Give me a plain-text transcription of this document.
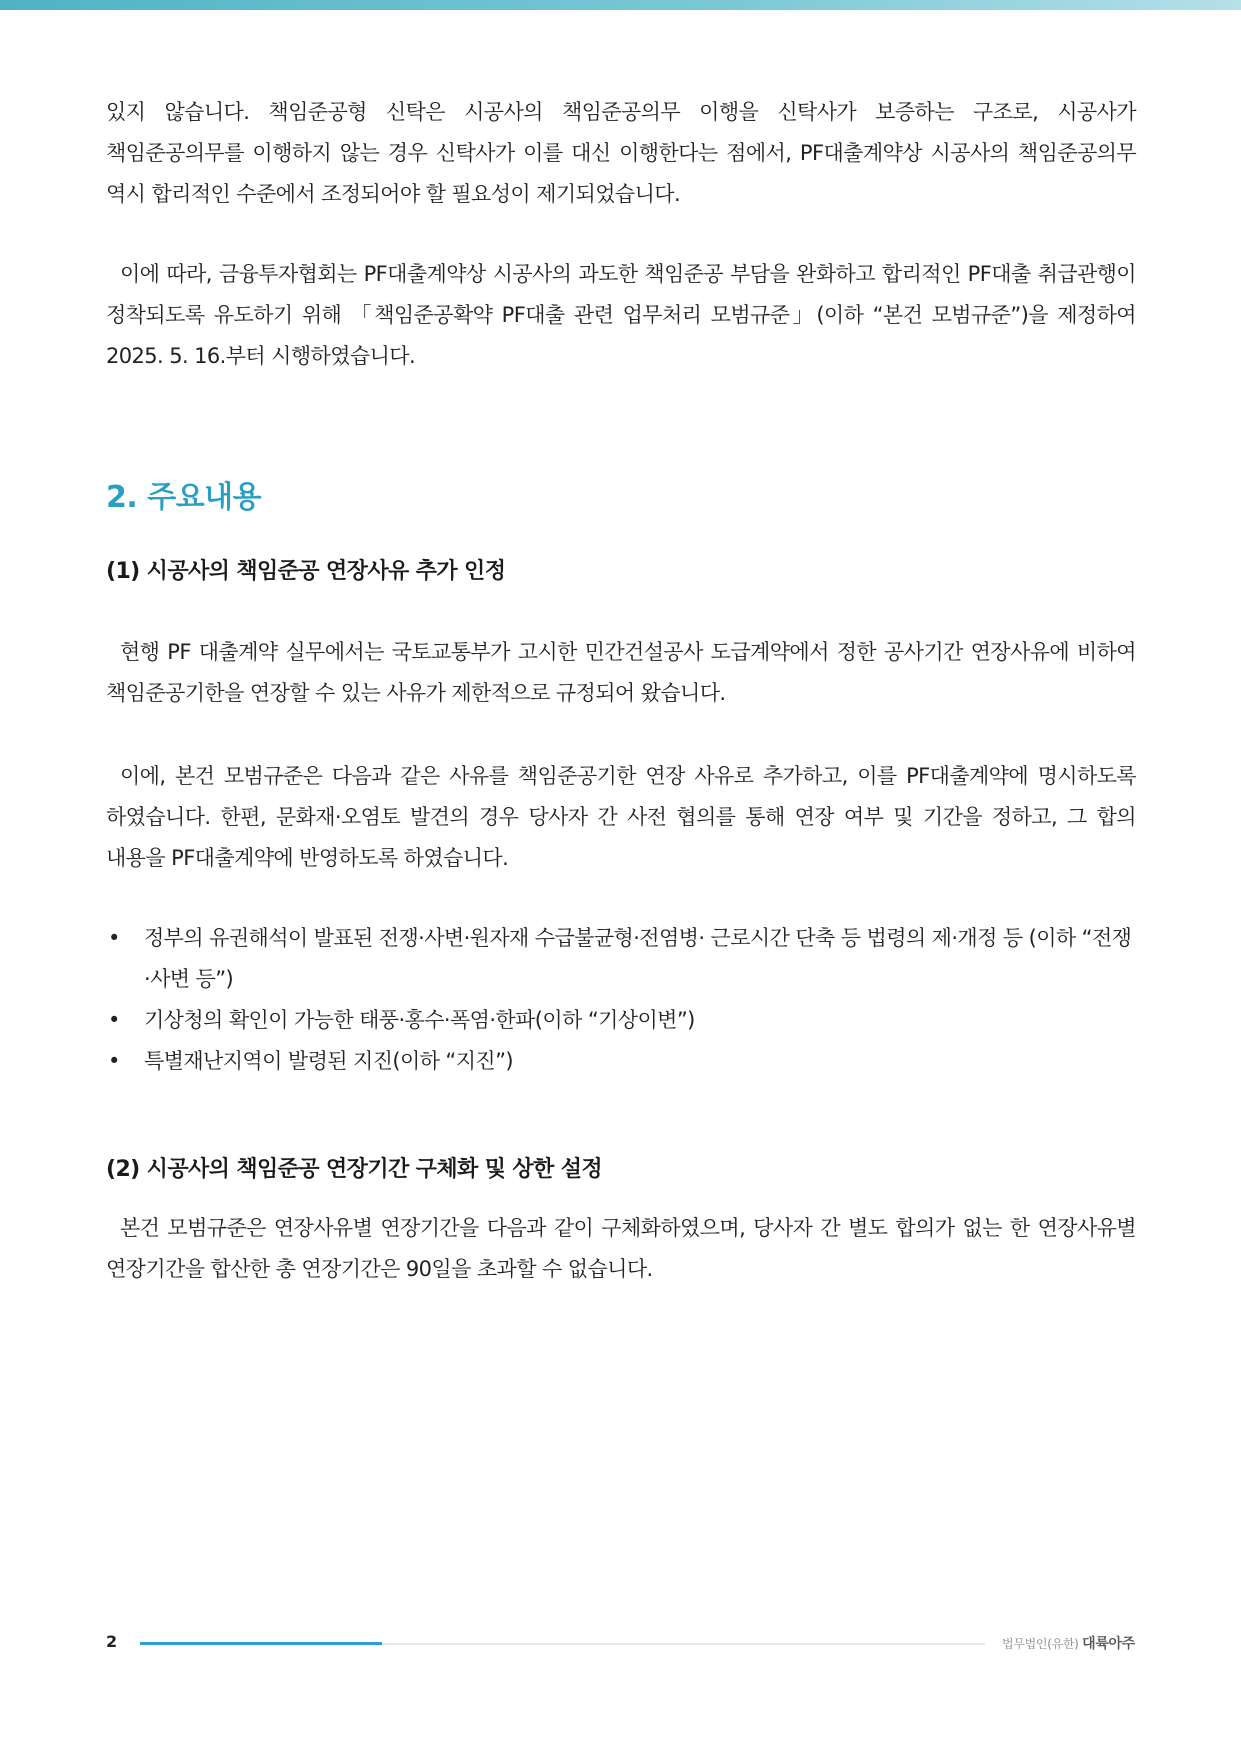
있지 않습니다. 책임준공형 신탁은 시공사의 책임준공의무 이행을 신탁사가 보증하는 구조로, 시공사가 책임준공의무를 이행하지 않는 경우 신탁사가 이를 대신 이행한다는 점에서, PF대출계약상 시공사의 책임준공의무 역시 합리적인 수준에서 조정되어야 할 필요성이 제기되었습니다.

이에 따라, 금융투자협회는 PF대출계약상 시공사의 과도한 책임준공 부담을 완화하고 합리적인 PF대출 취급관행이 정착되도록 유도하기 위해 「책임준공확약 PF대출 관련 업무처리 모범규준」(이하 “본건 모범규준”)을 제정하여 2025. 5. 16.부터 시행하였습니다.

2. 주요내용
(1) 시공사의 책임준공 연장사유 추가 인정

현행 PF 대출계약 실무에서는 국토교통부가 고시한 민간건설공사 도급계약에서 정한 공사기간 연장사유에 비하여 책임준공기한을 연장할 수 있는 사유가 제한적으로 규정되어 왔습니다.

이에, 본건 모범규준은 다음과 같은 사유를 책임준공기한 연장 사유로 추가하고, 이를 PF대출계약에 명시하도록 하였습니다. 한편, 문화재·오염토 발견의 경우 당사자 간 사전 협의를 통해 연장 여부 및 기간을 정하고, 그 합의 내용을 PF대출계약에 반영하도록 하였습니다.

• 정부의 유권해석이 발표된 전쟁·사변·원자재 수급불균형·전염병· 근로시간 단축 등 법령의 제·개정 등 (이하 “전쟁·사변 등”)
• 기상청의 확인이 가능한 태풍·홍수·폭염·한파(이하 “기상이변”)
• 특별재난지역이 발령된 지진(이하 “지진”)
(2) 시공사의 책임준공 연장기간 구체화 및 상한 설정

본건 모범규준은 연장사유별 연장기간을 다음과 같이 구체화하였으며, 당사자 간 별도 합의가 없는 한 연장사유별 연장기간을 합산한 총 연장기간은 90일을 초과할 수 없습니다.

2	법무법인(유한) 대륙아주
